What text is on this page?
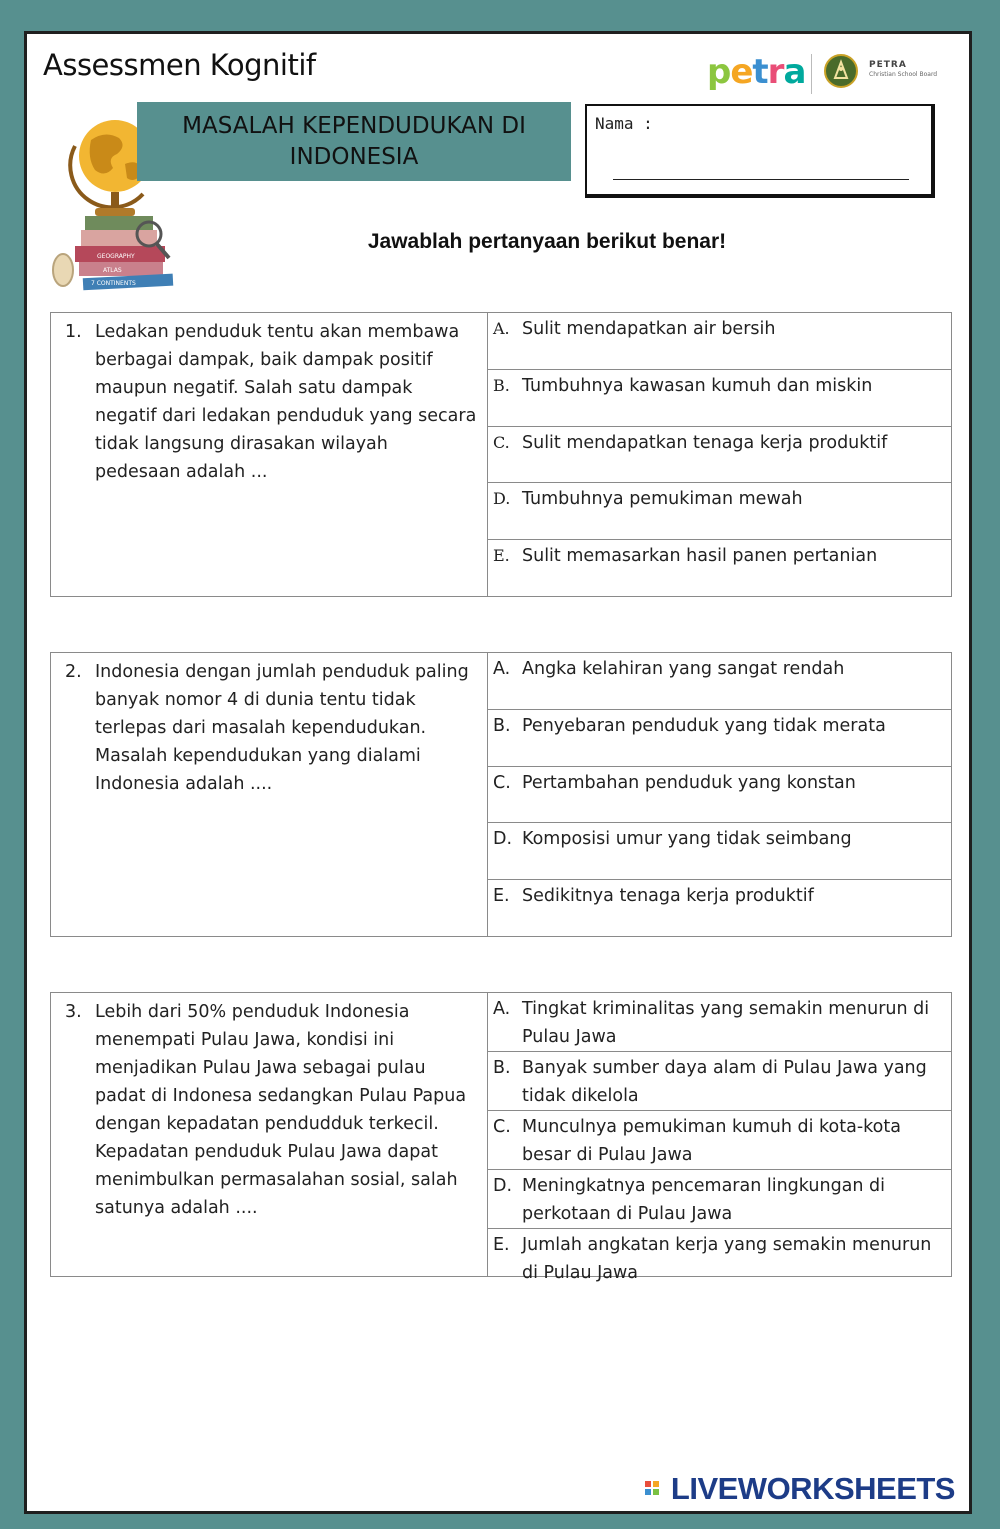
Assessmen Kognitif	petra	PETRA
Christian School Board
GEOGRAPHY
ATLAS
7 CONTINENTS
MASALAH KEPENDUDUKAN DI
INDONESIA
Nama :
Jawablah pertanyaan berikut benar!
1. Ledakan penduduk tentu akan membawa berbagai dampak, baik dampak positif maupun negatif. Salah satu dampak negatif dari ledakan penduduk yang secara tidak langsung dirasakan wilayah pedesaan adalah ...
A. Sulit mendapatkan air bersih
B. Tumbuhnya kawasan kumuh dan miskin
C. Sulit mendapatkan tenaga kerja produktif
D. Tumbuhnya pemukiman mewah
E. Sulit memasarkan hasil panen pertanian
2. Indonesia dengan jumlah penduduk paling banyak nomor 4 di dunia tentu tidak terlepas dari masalah kependudukan. Masalah kependudukan yang dialami Indonesia adalah ....
A. Angka kelahiran yang sangat rendah
B. Penyebaran penduduk yang tidak merata
C. Pertambahan penduduk yang konstan
D. Komposisi umur yang tidak seimbang
E. Sedikitnya tenaga kerja produktif
3. Lebih dari 50% penduduk Indonesia menempati Pulau Jawa, kondisi ini menjadikan Pulau Jawa sebagai pulau padat di Indonesa sedangkan Pulau Papua dengan kepadatan pendudduk terkecil. Kepadatan penduduk Pulau Jawa dapat menimbulkan permasalahan sosial, salah satunya adalah ....
A. Tingkat kriminalitas yang semakin menurun di Pulau Jawa
B. Banyak sumber daya alam di Pulau Jawa yang tidak dikelola
C. Munculnya pemukiman kumuh di kota-kota besar di Pulau Jawa
D. Meningkatnya pencemaran lingkungan di perkotaan di Pulau Jawa
E. Jumlah angkatan kerja yang semakin menurun di Pulau Jawa
LIVEWORKSHEETS
